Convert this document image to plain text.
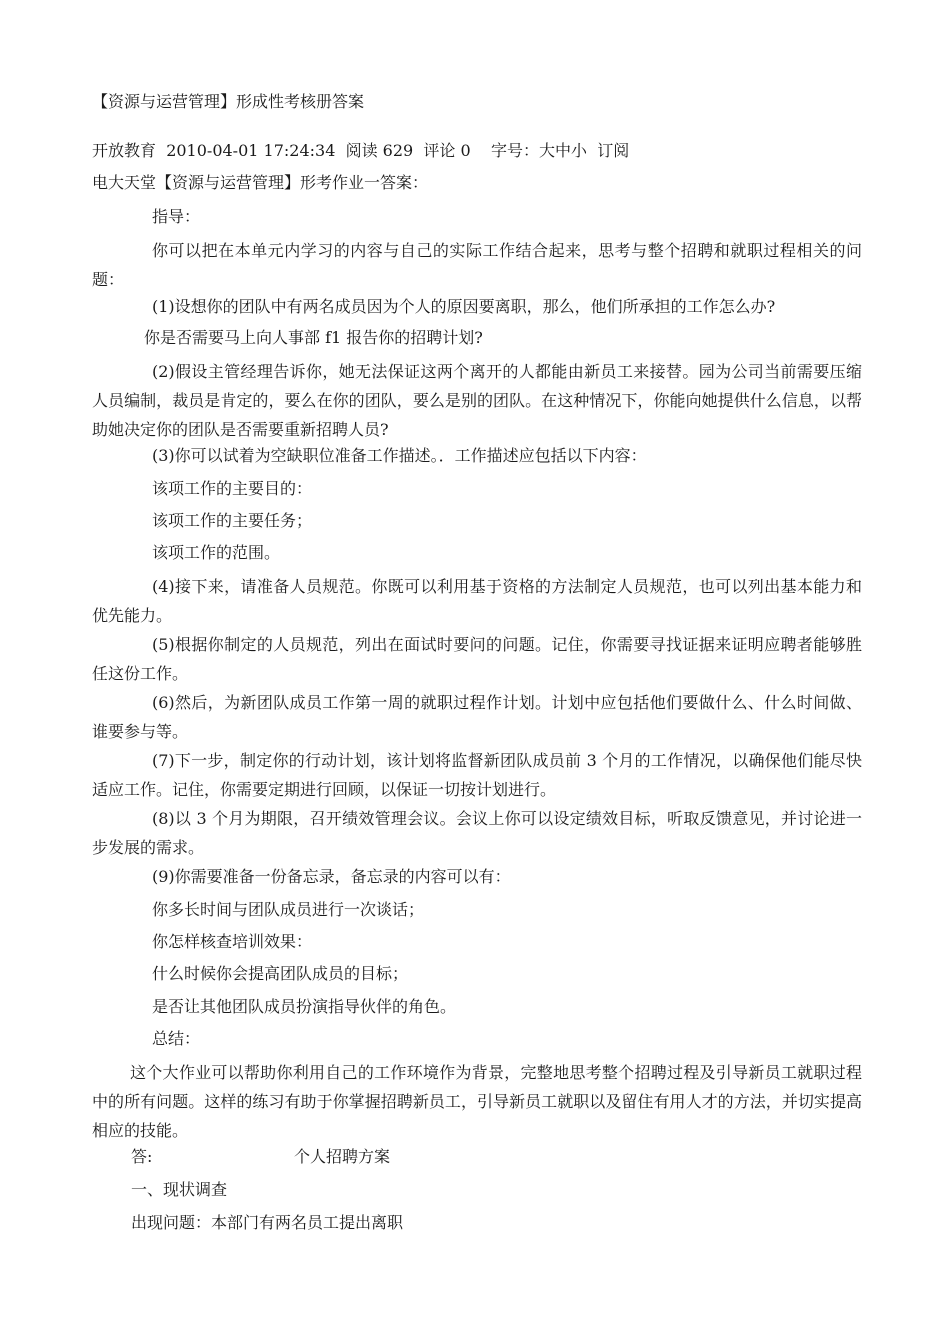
【资源与运营管理】形成性考核册答案
开放教育 2010-04-01 17:24:34 阅读 629 评论 0 字号：大中小 订阅
电大天堂【资源与运营管理】形考作业一答案：
指导：
你可以把在本单元内学习的内容与自己的实际工作结合起来，思考与整个招聘和就职过程相关的问题：
(1)设想你的团队中有两名成员因为个人的原因要离职，那么，他们所承担的工作怎么办?
你是否需要马上向人事部 f1 报告你的招聘计划?
(2)假设主管经理告诉你，她无法保证这两个离开的人都能由新员工来接替。园为公司当前需要压缩人员编制，裁员是肯定的，要么在你的团队，要么是别的团队。在这种情况下，你能向她提供什么信息，以帮助她决定你的团队是否需要重新招聘人员?
(3)你可以试着为空缺职位准备工作描述。．工作描述应包括以下内容：
该项工作的主要目的：
该项工作的主要任务；
该项工作的范围。
(4)接下来，请准备人员规范。你既可以利用基于资格的方法制定人员规范，也可以列出基本能力和优先能力。
(5)根据你制定的人员规范，列出在面试时要问的问题。记住，你需要寻找证据来证明应聘者能够胜任这份工作。
(6)然后，为新团队成员工作第一周的就职过程作计划。计划中应包括他们要做什么、什么时间做、谁要参与等。
(7)下一步，制定你的行动计划，该计划将监督新团队成员前 3 个月的工作情况，以确保他们能尽快适应工作。记住，你需要定期进行回顾，以保证一切按计划进行。
(8)以 3 个月为期限，召开绩效管理会议。会议上你可以设定绩效目标，听取反馈意见，并讨论进一步发展的需求。
(9)你需要准备一份备忘录，备忘录的内容可以有：
你多长时间与团队成员进行一次谈话；
你怎样核查培训效果：
什么时候你会提高团队成员的目标；
是否让其他团队成员扮演指导伙伴的角色。
总结：
这个大作业可以帮助你利用自己的工作环境作为背景，完整地思考整个招聘过程及引导新员工就职过程中的所有问题。这样的练习有助于你掌握招聘新员工，引导新员工就职以及留住有用人才的方法，并切实提高相应的技能。
答:	个人招聘方案
一、现状调查
出现问题：本部门有两名员工提出离职
